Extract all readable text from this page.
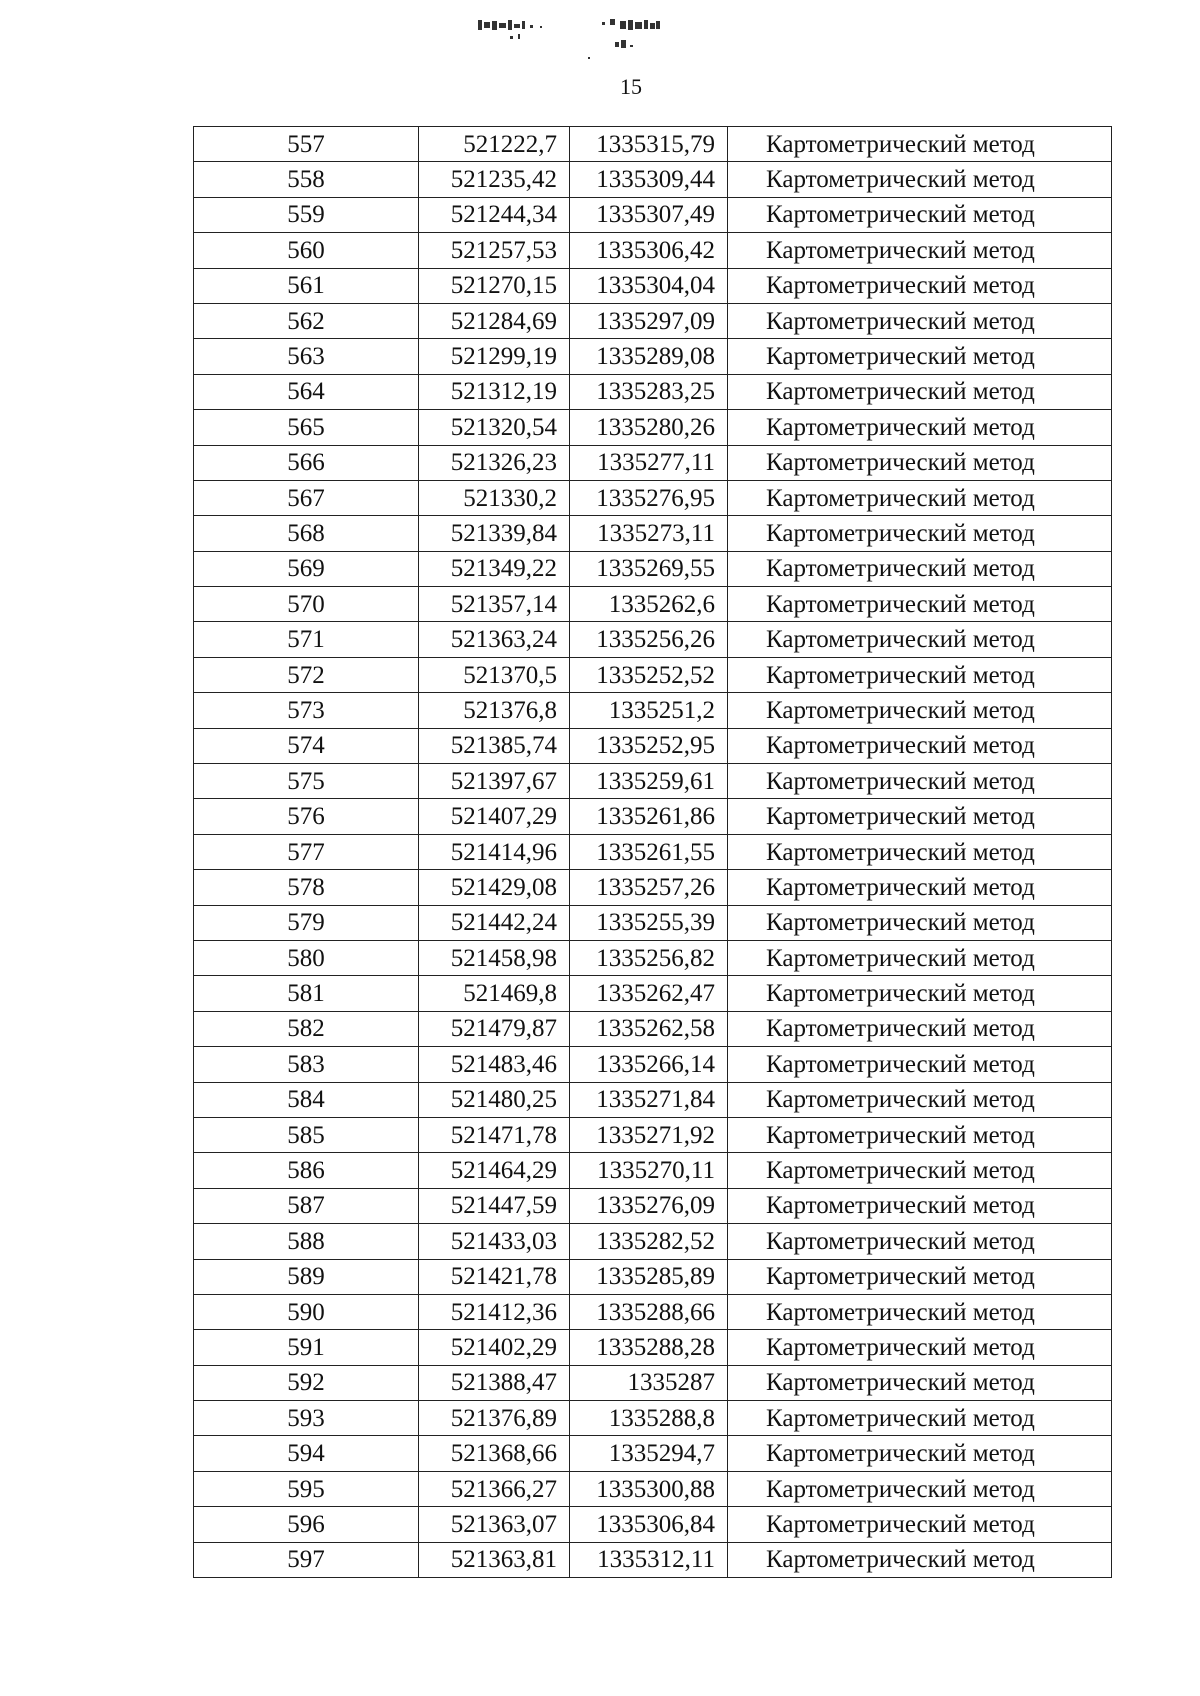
15
557	521222,7	1335315,79	Картометрический метод
558	521235,42	1335309,44	Картометрический метод
559	521244,34	1335307,49	Картометрический метод
560	521257,53	1335306,42	Картометрический метод
561	521270,15	1335304,04	Картометрический метод
562	521284,69	1335297,09	Картометрический метод
563	521299,19	1335289,08	Картометрический метод
564	521312,19	1335283,25	Картометрический метод
565	521320,54	1335280,26	Картометрический метод
566	521326,23	1335277,11	Картометрический метод
567	521330,2	1335276,95	Картометрический метод
568	521339,84	1335273,11	Картометрический метод
569	521349,22	1335269,55	Картометрический метод
570	521357,14	1335262,6	Картометрический метод
571	521363,24	1335256,26	Картометрический метод
572	521370,5	1335252,52	Картометрический метод
573	521376,8	1335251,2	Картометрический метод
574	521385,74	1335252,95	Картометрический метод
575	521397,67	1335259,61	Картометрический метод
576	521407,29	1335261,86	Картометрический метод
577	521414,96	1335261,55	Картометрический метод
578	521429,08	1335257,26	Картометрический метод
579	521442,24	1335255,39	Картометрический метод
580	521458,98	1335256,82	Картометрический метод
581	521469,8	1335262,47	Картометрический метод
582	521479,87	1335262,58	Картометрический метод
583	521483,46	1335266,14	Картометрический метод
584	521480,25	1335271,84	Картометрический метод
585	521471,78	1335271,92	Картометрический метод
586	521464,29	1335270,11	Картометрический метод
587	521447,59	1335276,09	Картометрический метод
588	521433,03	1335282,52	Картометрический метод
589	521421,78	1335285,89	Картометрический метод
590	521412,36	1335288,66	Картометрический метод
591	521402,29	1335288,28	Картометрический метод
592	521388,47	1335287	Картометрический метод
593	521376,89	1335288,8	Картометрический метод
594	521368,66	1335294,7	Картометрический метод
595	521366,27	1335300,88	Картометрический метод
596	521363,07	1335306,84	Картометрический метод
597	521363,81	1335312,11	Картометрический метод
